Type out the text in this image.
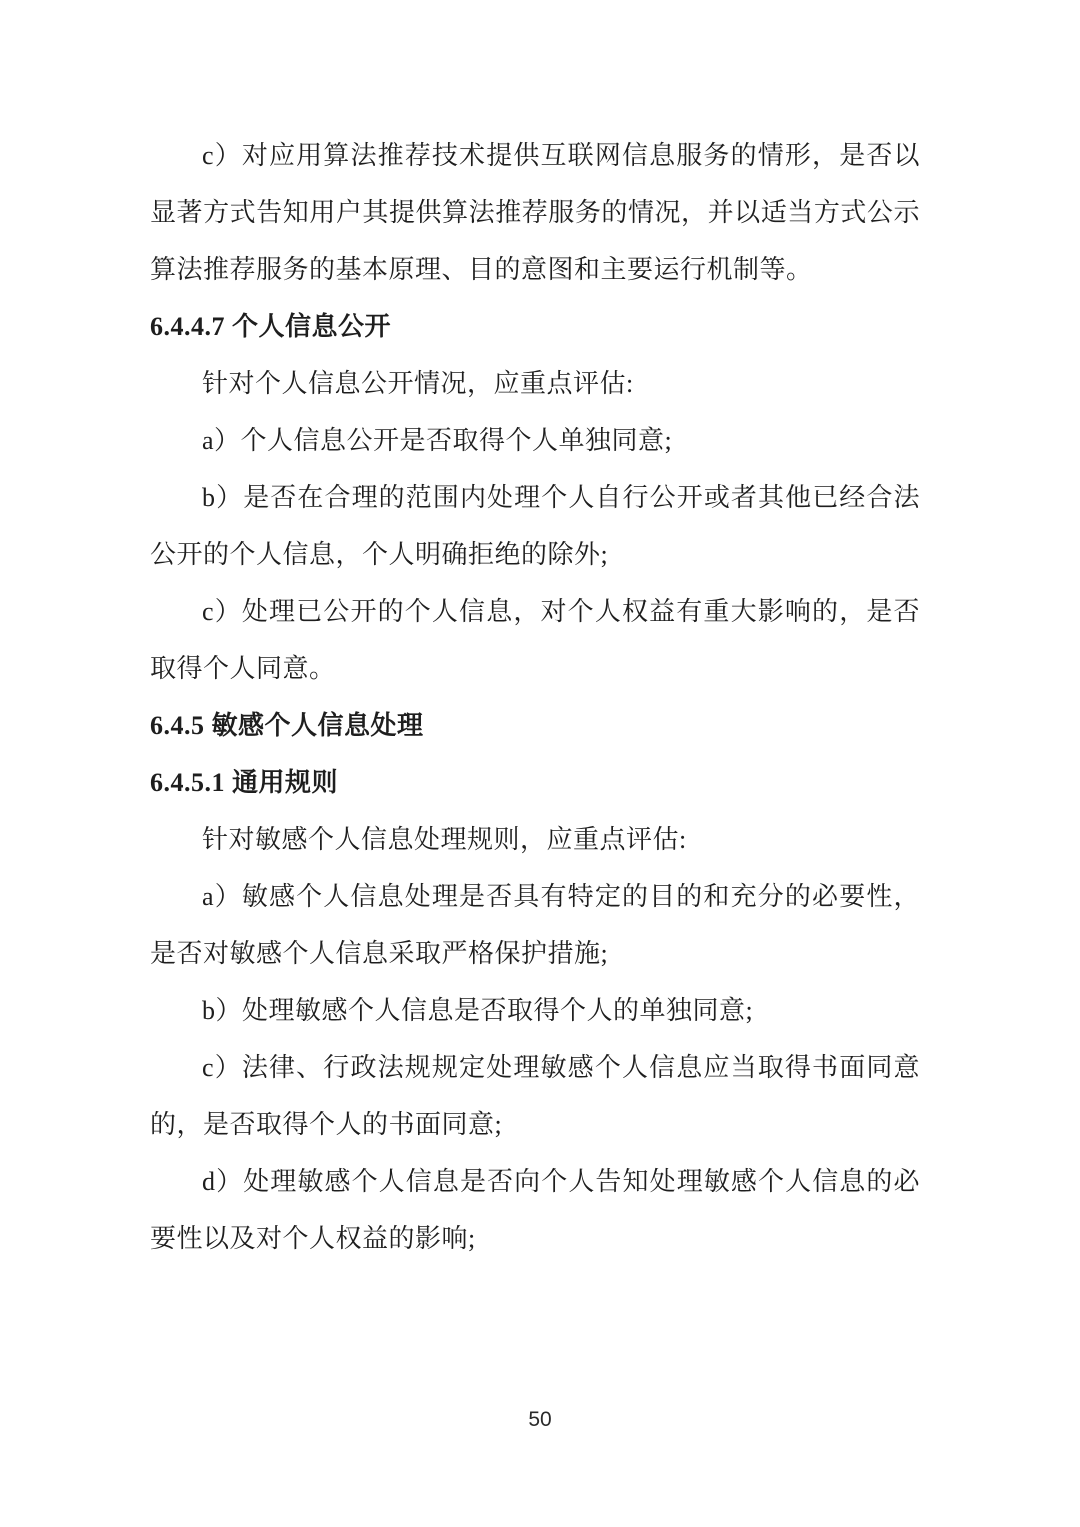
c）对应用算法推荐技术提供互联网信息服务的情形，是否以显著方式告知用户其提供算法推荐服务的情况，并以适当方式公示算法推荐服务的基本原理、目的意图和主要运行机制等。

6.4.4.7 个人信息公开

针对个人信息公开情况，应重点评估:

a）个人信息公开是否取得个人单独同意;

b）是否在合理的范围内处理个人自行公开或者其他已经合法公开的个人信息，个人明确拒绝的除外;

c）处理已公开的个人信息，对个人权益有重大影响的，是否取得个人同意。

6.4.5 敏感个人信息处理

6.4.5.1 通用规则

针对敏感个人信息处理规则，应重点评估:

a）敏感个人信息处理是否具有特定的目的和充分的必要性，是否对敏感个人信息采取严格保护措施;

b）处理敏感个人信息是否取得个人的单独同意;

c）法律、行政法规规定处理敏感个人信息应当取得书面同意的，是否取得个人的书面同意;

d）处理敏感个人信息是否向个人告知处理敏感个人信息的必要性以及对个人权益的影响;

50
